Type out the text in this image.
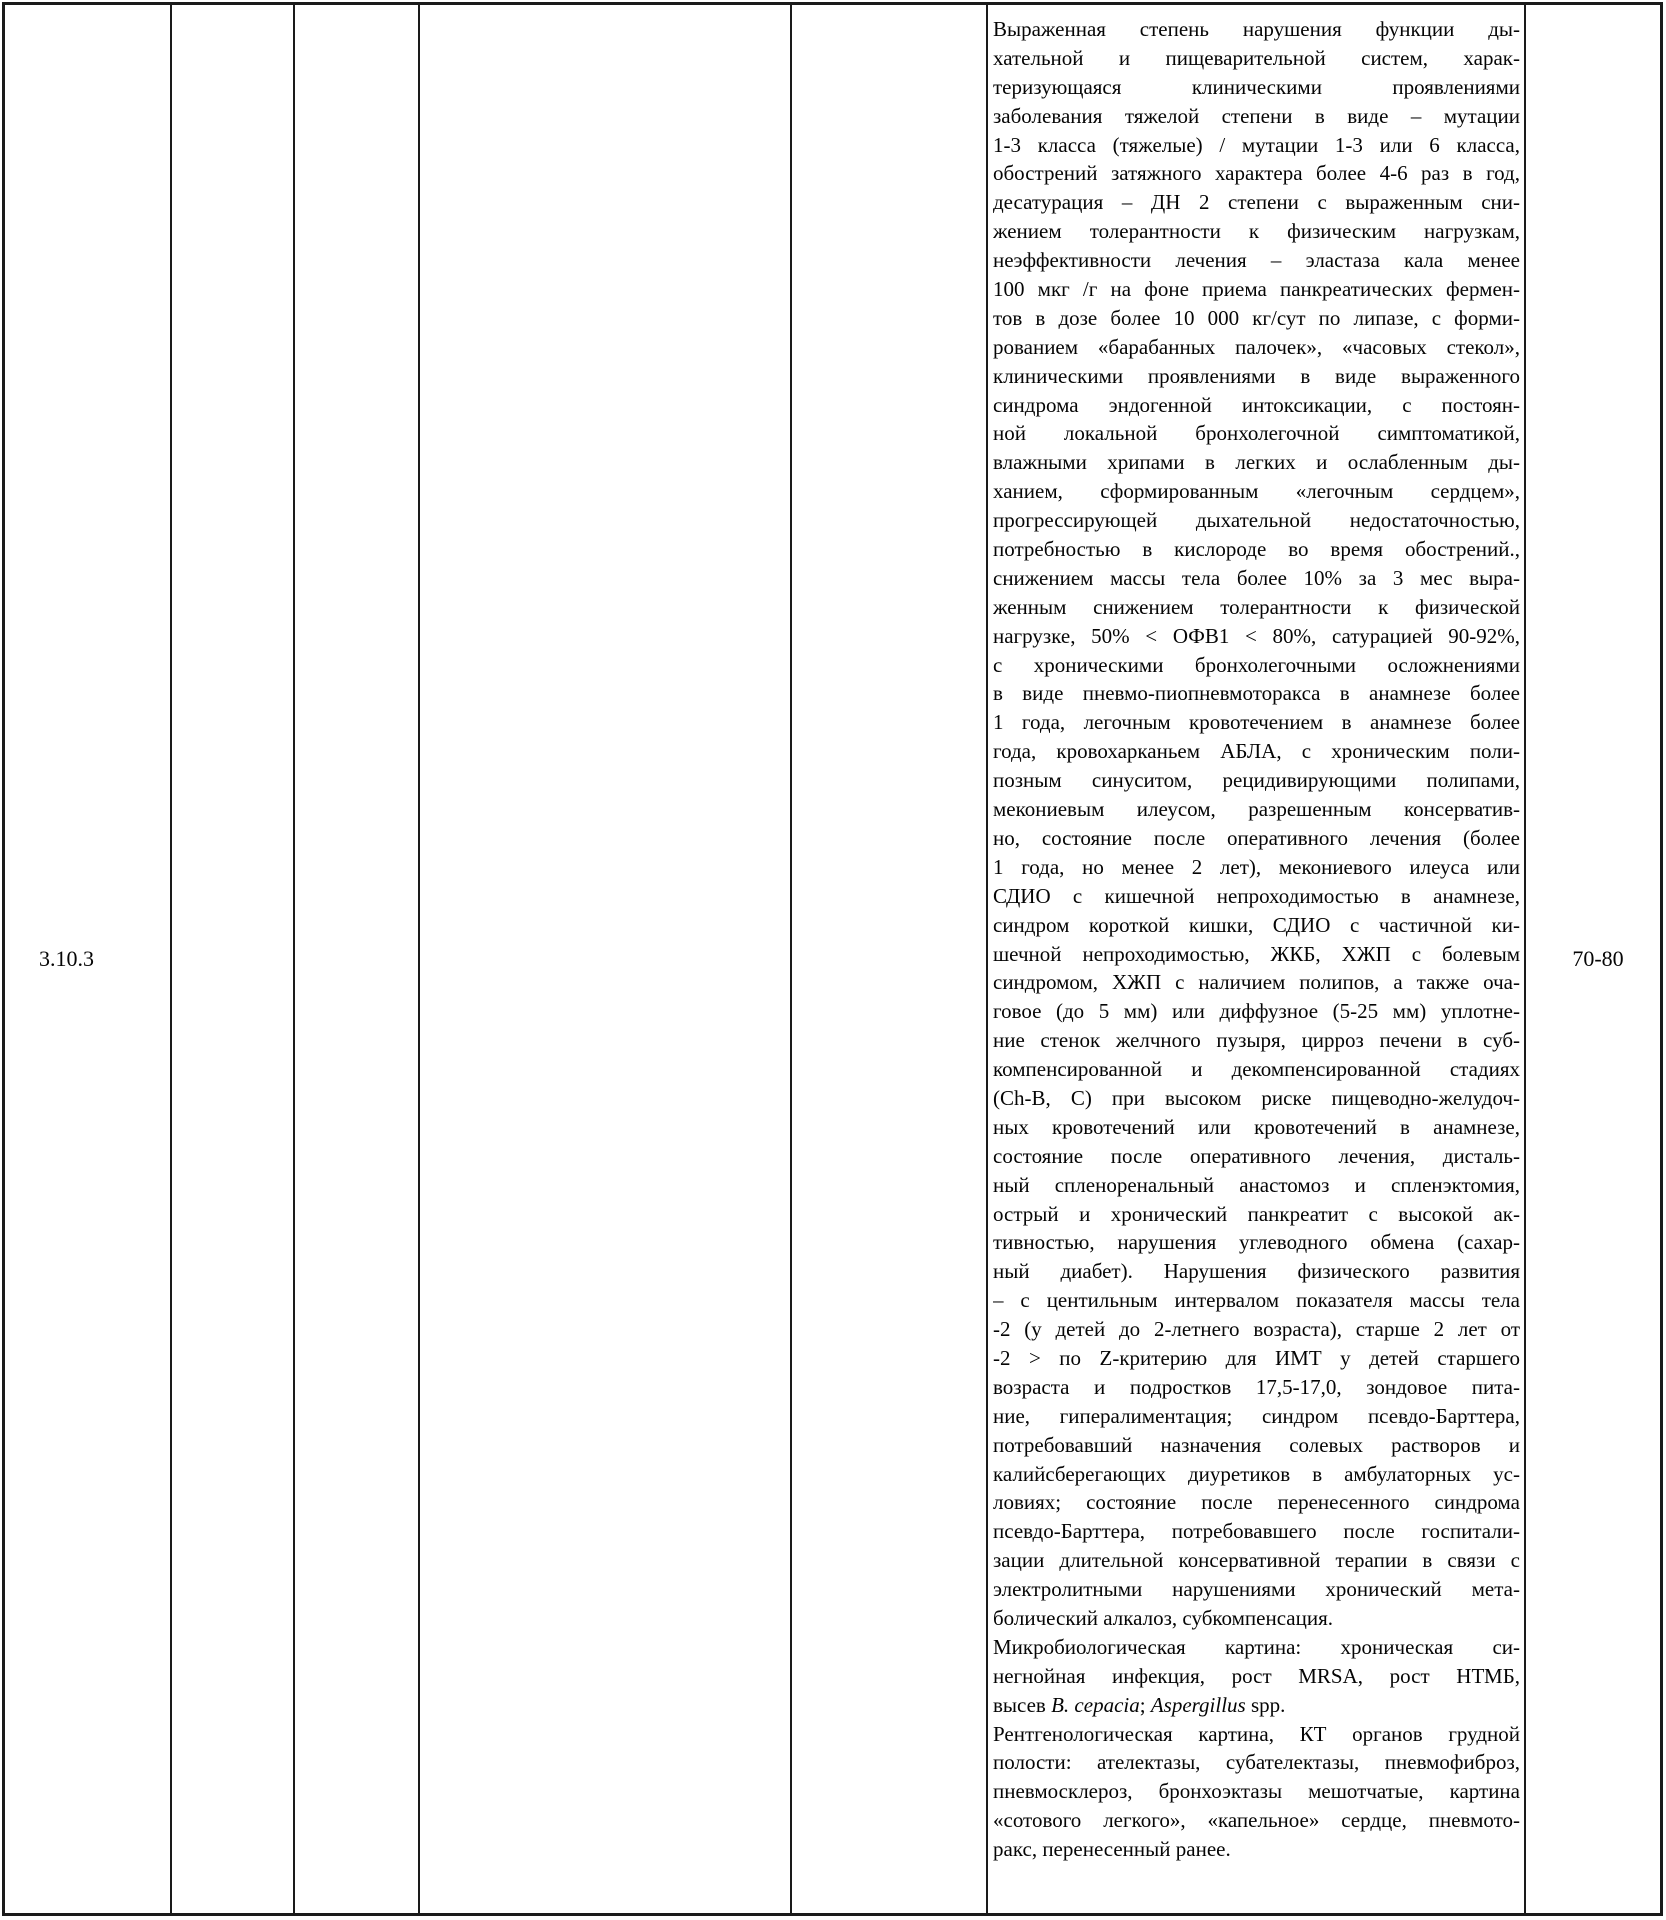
3.10.3
Выраженная степень нарушения функции ды-
хательной и пищеварительной систем, харак-
теризующаяся клиническими проявлениями
заболевания тяжелой степени в виде – мутации
1-3 класса (тяжелые) / мутации 1-3 или 6 класса,
обострений затяжного характера более 4-6 раз в год,
десатурация – ДН 2 степени с выраженным сни-
жением толерантности к физическим нагрузкам,
неэффективности лечения – эластаза кала менее
100 мкг /г на фоне приема панкреатических фермен-
тов в дозе более 10 000 кг/сут по липазе, с форми-
рованием «барабанных палочек», «часовых стекол»,
клиническими проявлениями в виде выраженного
синдрома эндогенной интоксикации, с постоян-
ной локальной бронхолегочной симптоматикой,
влажными хрипами в легких и ослабленным ды-
ханием, сформированным «легочным сердцем»,
прогрессирующей дыхательной недостаточностью,
потребностью в кислороде во время обострений.,
снижением массы тела более 10% за 3 мес выра-
женным снижением толерантности к физической
нагрузке, 50% < ОФВ1 < 80%, сатурацией 90-92%,
с хроническими бронхолегочными осложнениями
в виде пневмо-пиопневмоторакса в анамнезе более
1 года, легочным кровотечением в анамнезе более
года, кровохарканьем АБЛА, с хроническим поли-
позным синуситом, рецидивирующими полипами,
мекониевым илеусом, разрешенным консерватив-
но, состояние после оперативного лечения (более
1 года, но менее 2 лет), мекониевого илеуса или
СДИО с кишечной непроходимостью в анамнезе,
синдром короткой кишки, СДИО с частичной ки-
шечной непроходимостью, ЖКБ, ХЖП с болевым
синдромом, ХЖП с наличием полипов, а также оча-
говое (до 5 мм) или диффузное (5-25 мм) уплотне-
ние стенок желчного пузыря, цирроз печени в суб-
компенсированной и декомпенсированной стадиях
(Ch-B, C) при высоком риске пищеводно-желудоч-
ных кровотечений или кровотечений в анамнезе,
состояние после оперативного лечения, дисталь-
ный спленоренальный анастомоз и спленэктомия,
острый и хронический панкреатит с высокой ак-
тивностью, нарушения углеводного обмена (сахар-
ный диабет). Нарушения физического развития
– с центильным интервалом показателя массы тела
-2 (у детей до 2-летнего возраста), старше 2 лет от
-2 > по Z-критерию для ИМТ у детей старшего
возраста и подростков 17,5-17,0, зондовое пита-
ние, гипералиментация; синдром псевдо-Барттера,
потребовавший назначения солевых растворов и
калийсберегающих диуретиков в амбулаторных ус-
ловиях; состояние после перенесенного синдрома
псевдо-Барттера, потребовавшего после госпитали-
зации длительной консервативной терапии в связи с
электролитными нарушениями хронический мета-
болический алкалоз, субкомпенсация.
Микробиологическая картина: хроническая си-
негнойная инфекция, рост MRSA, рост НТМБ,
высев B. cepacia; Aspergillus spp.
Рентгенологическая картина, КТ органов грудной
полости: ателектазы, субателектазы, пневмофиброз,
пневмосклероз, бронхоэктазы мешотчатые, картина
«сотового легкого», «капельное» сердце, пневмото-
ракс, перенесенный ранее.
70-80
